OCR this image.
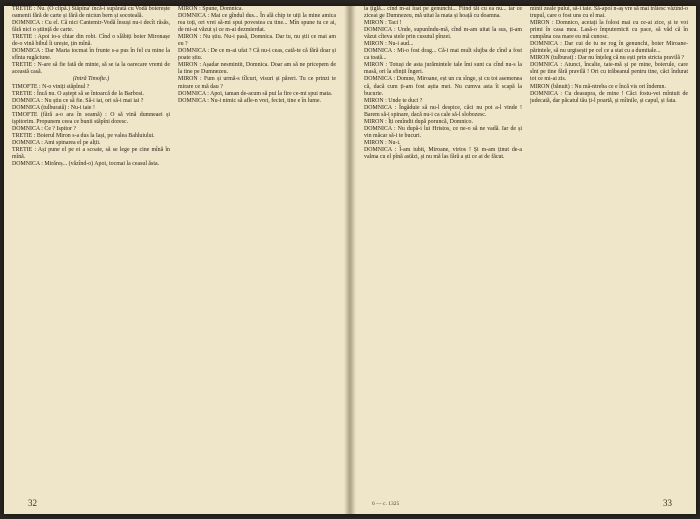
TRETIE : Nu. (O clipă.) Stăpîna' încă-i supărată cu Vodă boierește oamenii fără de carte și fără de niciun bern și socoteală.

DOMNICA : Cu el. Că nici Cantemir-Vodă însuși nu-i decît răsăs, fără nici o știință de carte.

TRETIE : Apoi io-s chiar din robi. Cînd o slăbiți boier Mironașe de-o vină bibul îi urește, țin mînă.

DOMNICA : Dar Maria tocmai în frunte s-a pus în fel cu mine la sfînta rugăciune.

TRETIE : N-are să fie fată de minte, să se ia la oarecare vremi de această casă.

(Intră Timofte.)

TIMOFTE : N-o viniți stăpînul ?

TRETIE : Încă nu. O aștept să se întoarcă de la Barbosi.

DOMNICA : Nu știu ce să fie. Să-i iai, ori să-i mai iai ?

DOMNICA (tulburată) : Nu-i taie !

TIMOFTE (fără a-o ara în seamă) : O să vină dumneaei și ișpitorim. Propunem ceea ce bunii stăpîni doresc.

DOMNICA : Ce ? Ispitor ?

TRETIE : Boierul Miron s-a dus la Iași, pe valea Bahluiului.

DOMNICA : Ami spinarea el pe alții.

TRETIE : Ași pune el pe ei a scoate, să se lege pe cine mînă în mînă.

DOMNICA : Mirăreș... (văzînd-o) Apoi, tocmai la ceasul ăsta.

MIRON : Spune, Domnica.

DOMNICA : Mai ce gîndul dus... În ală chip te uiți la mine amica rea toți, ori vrei să-mi spui povestea cu tine... Mîn spune tu ce ai, de mi-ai văzut și ce m-ai dezmierdat.

MIRON : Nu știu. Nu-i pasă, Domnica. Dar tu, nu știi ce mai am eu ?

DOMNICA : De ce m-ai ufat ? Că nu-i ceas, cată-te că fără doar și poate știu.

MIRON : Așadar nesmintit, Domnica. Doar am să ne pricepem de la tine pe Dumnezeu.

MIRON : Fum și urmă-s tîlcuri, visuri și păreri. Tu ce prinzi te mirare ce mă dau ?

DOMNICA : Apoi, taman de-acum să pui la fire ce-mi spui mata.

DOMNICA : Nu-i nimic să afle-n vrei, feciei, tine e în lume.

la țiglă... cînd m-ai luat pe genunchi... Fiind tăt cu ea nu... iar ce ziceai ge Dumnezeu, mă uitai la mata și hoață cu doamna.

MIRON : Taci !

DOMNICA : Unde, supunîndu-mă, cînd m-am uitat la sus, ți-am văzut cîteva stele prin cusutul pînzei.

MIRON : Nu-i aud...

DOMNICA : Mi-o fost drag... Că-i mai mult slujba de cînd a fost ca toată...

MIRON : Totuși de asta jurămintele tale îmi sunt ca cînd nu-s la masă, ori la sfinții îngeri.

DOMNICA : Domne, Miroane, eșt un cu sînge, și cu tot asemenea că, dacă cum ți-am fost aștia mei. Nu cumva asta îi scapă la bucurie.

MIRON : Unde te duci ?

DOMNICA : Îngăduie să nu-l despice, căci nu pot a-l vinde ! Barem să-i spinare, dacă nu-i ca cale să-l slobozesc.

MIRON : Îți omîndit după poruncă, Domnico.

DOMNICA : Nu după-i lui Hristos, ce ne-o să ne vadă. Iar de și vin măcar să-i te bucuri.

MIRON : Nu-i.

DOMNICA : Î-am iubit, Miroane, virtos ! Și m-am ținut de-a valma cu el pînă astăzi, și nu mă las fără a ști ce ai de făcut.

mînii zeale pului, să-i taie. Să-apoi n-aș vre să mai trăiesc văzînd-o trupul, care o fost uns cu el mai.

MIRON : Domnico, aceiați la folosi mai cu ce-ai zice, și te voi primi în casa mea. Lasă-o împuternicit cu pace, să văd că în cumpăna cea mare eu mă cunosc.

DOMNICA : Dar cui de tu ne rog în genunchi, boier Miroane-părintele, să nu urgisești pe cel ce a stat cu a dumitale...

MIRON (tulburat) : Dar nu înțeleg că nu ești prin stricta pravilă ?

DOMNICA : Atunci, încalte, taie-mă și pe mine, boierule, care sînt pe tine fără pravilă ! Ori cu trăbeanul pentru tine, căci îndurat tot ce mi-ai zis.

MIRON (bănuit) : Nu mă-ntreba ce e încă vis ori îndemn.

DOMNICA : Cu deasupra, de mine ! Căci fostu-vei mîntuit de judecată, dar păcatul tău ți-l poartă, și mîinile, și capul, și fata.

32	6 — c. 1325	33
